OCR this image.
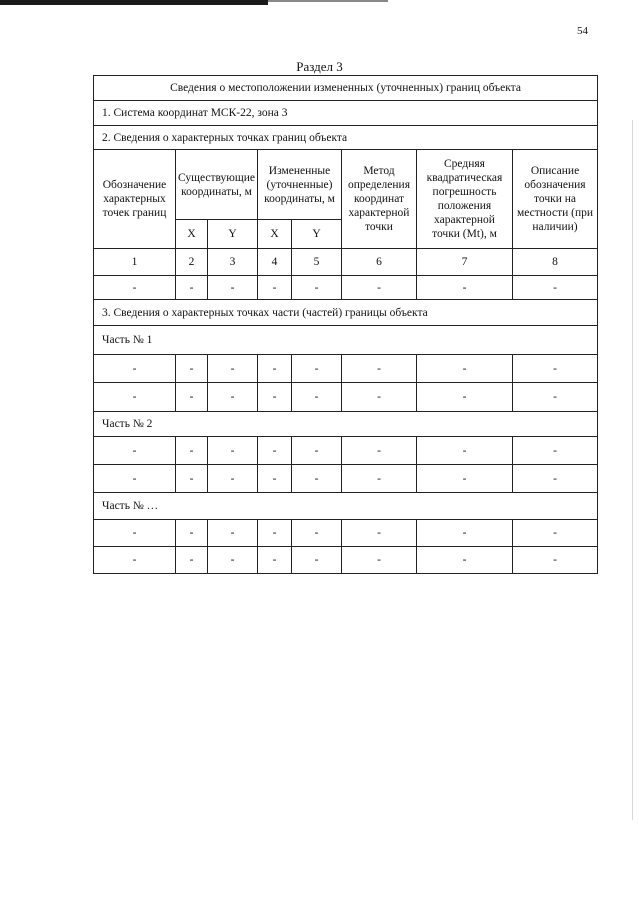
54
Раздел 3
Сведения о местоположении измененных (уточненных) границ объекта							
1. Система координат МСК-22, зона 3							
2. Сведения о характерных точках границ объекта							
Обозначение характерных точек границ	Существующие координаты, м		Измененные (уточненные) координаты, м		Метод определения координат характерной точки	Средняя квадратическая погрешность положения характерной точки (Mt), м	Описание обозначения точки на местности (при наличии)
	X	Y	X	Y			
1	2	3	4	5	6	7	8
-	-	-	-	-	-	-	-
3. Сведения о характерных точках части (частей) границы объекта							
Часть № 1							
-	-	-	-	-	-	-	-
-	-	-	-	-	-	-	-
Часть № 2							
-	-	-	-	-	-	-	-
-	-	-	-	-	-	-	-
Часть № …							
-	-	-	-	-	-	-	-
-	-	-	-	-	-	-	-
